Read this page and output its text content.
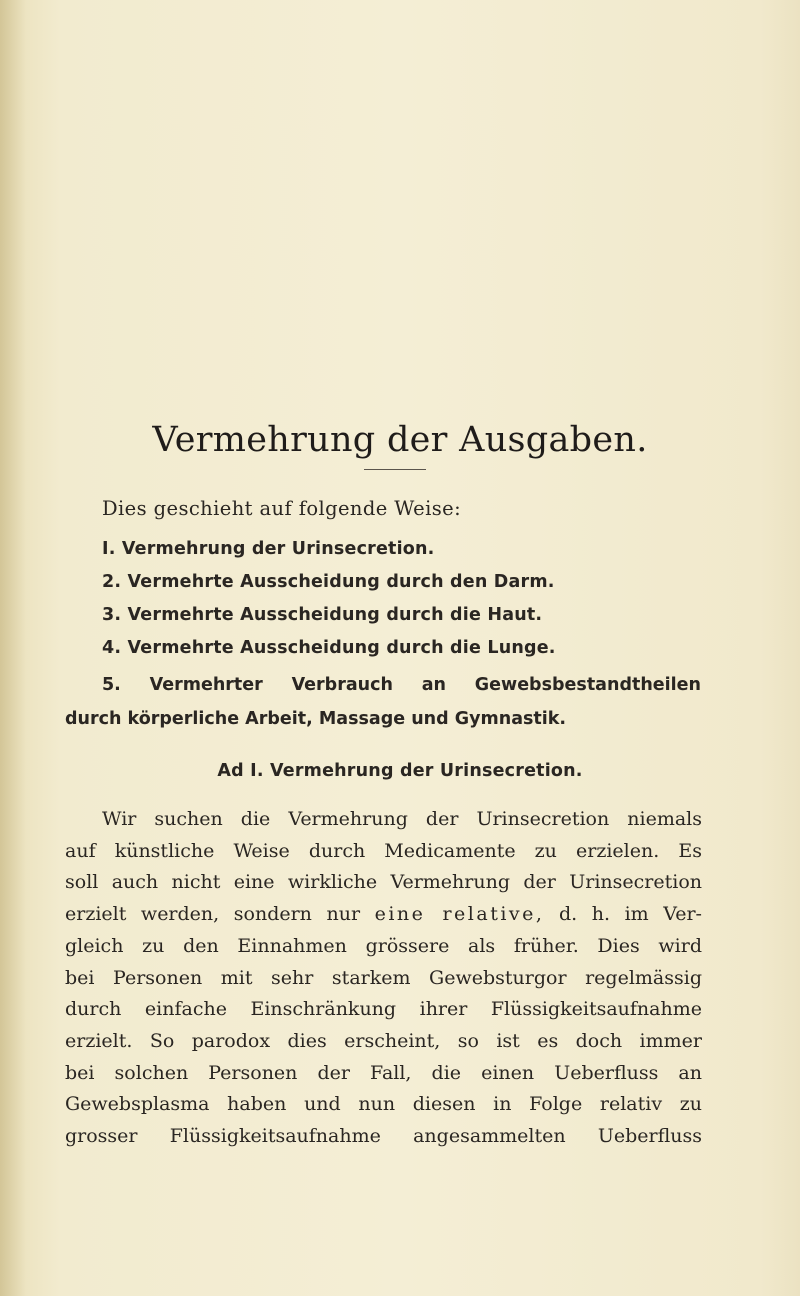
Vermehrung der Ausgaben.
Dies geschieht auf folgende Weise:
I. Vermehrung der Urinsecretion.
2. Vermehrte Ausscheidung durch den Darm.
3. Vermehrte Ausscheidung durch die Haut.
4. Vermehrte Ausscheidung durch die Lunge.
5. Vermehrter Verbrauch an Gewebsbestandtheilen
durch körperliche Arbeit, Massage und Gymnastik.
Ad I. Vermehrung der Urinsecretion.
Wir suchen die Vermehrung der Urinsecretion niemals
auf künstliche Weise durch Medicamente zu erzielen. Es
soll auch nicht eine wirkliche Vermehrung der Urinsecretion
erzielt werden, sondern nur eine relative, d. h. im Ver-
gleich zu den Einnahmen grössere als früher. Dies wird
bei Personen mit sehr starkem Gewebsturgor regelmässig
durch einfache Einschränkung ihrer Flüssigkeitsaufnahme
erzielt. So parodox dies erscheint, so ist es doch immer
bei solchen Personen der Fall, die einen Ueberfluss an
Gewebsplasma haben und nun diesen in Folge relativ zu
grosser Flüssigkeitsaufnahme angesammelten Ueberfluss
